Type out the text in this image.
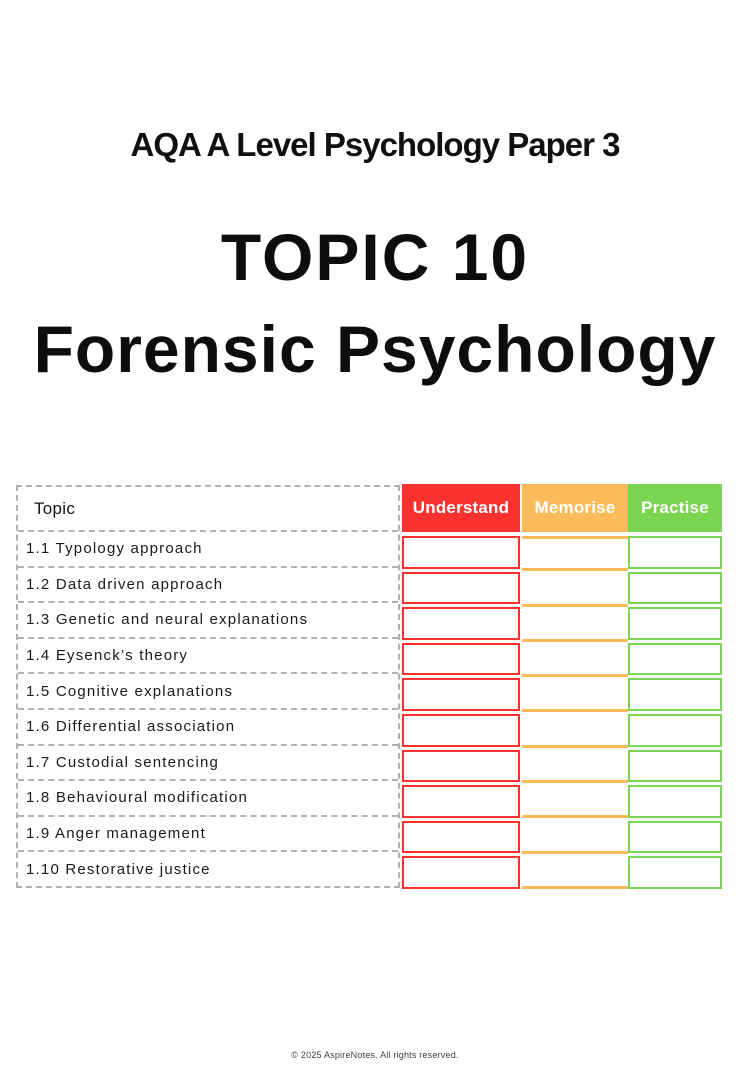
AQA A Level Psychology Paper 3
TOPIC 10
Forensic Psychology
Topic
1.1 Typology approach
1.2 Data driven approach
1.3 Genetic and neural explanations
1.4 Eysenck’s theory
1.5 Cognitive explanations
1.6 Differential association
1.7 Custodial sentencing
1.8 Behavioural modification
1.9 Anger management
1.10 Restorative justice
Understand	Memorise	Practise
© 2025 AspireNotes. All rights reserved.
